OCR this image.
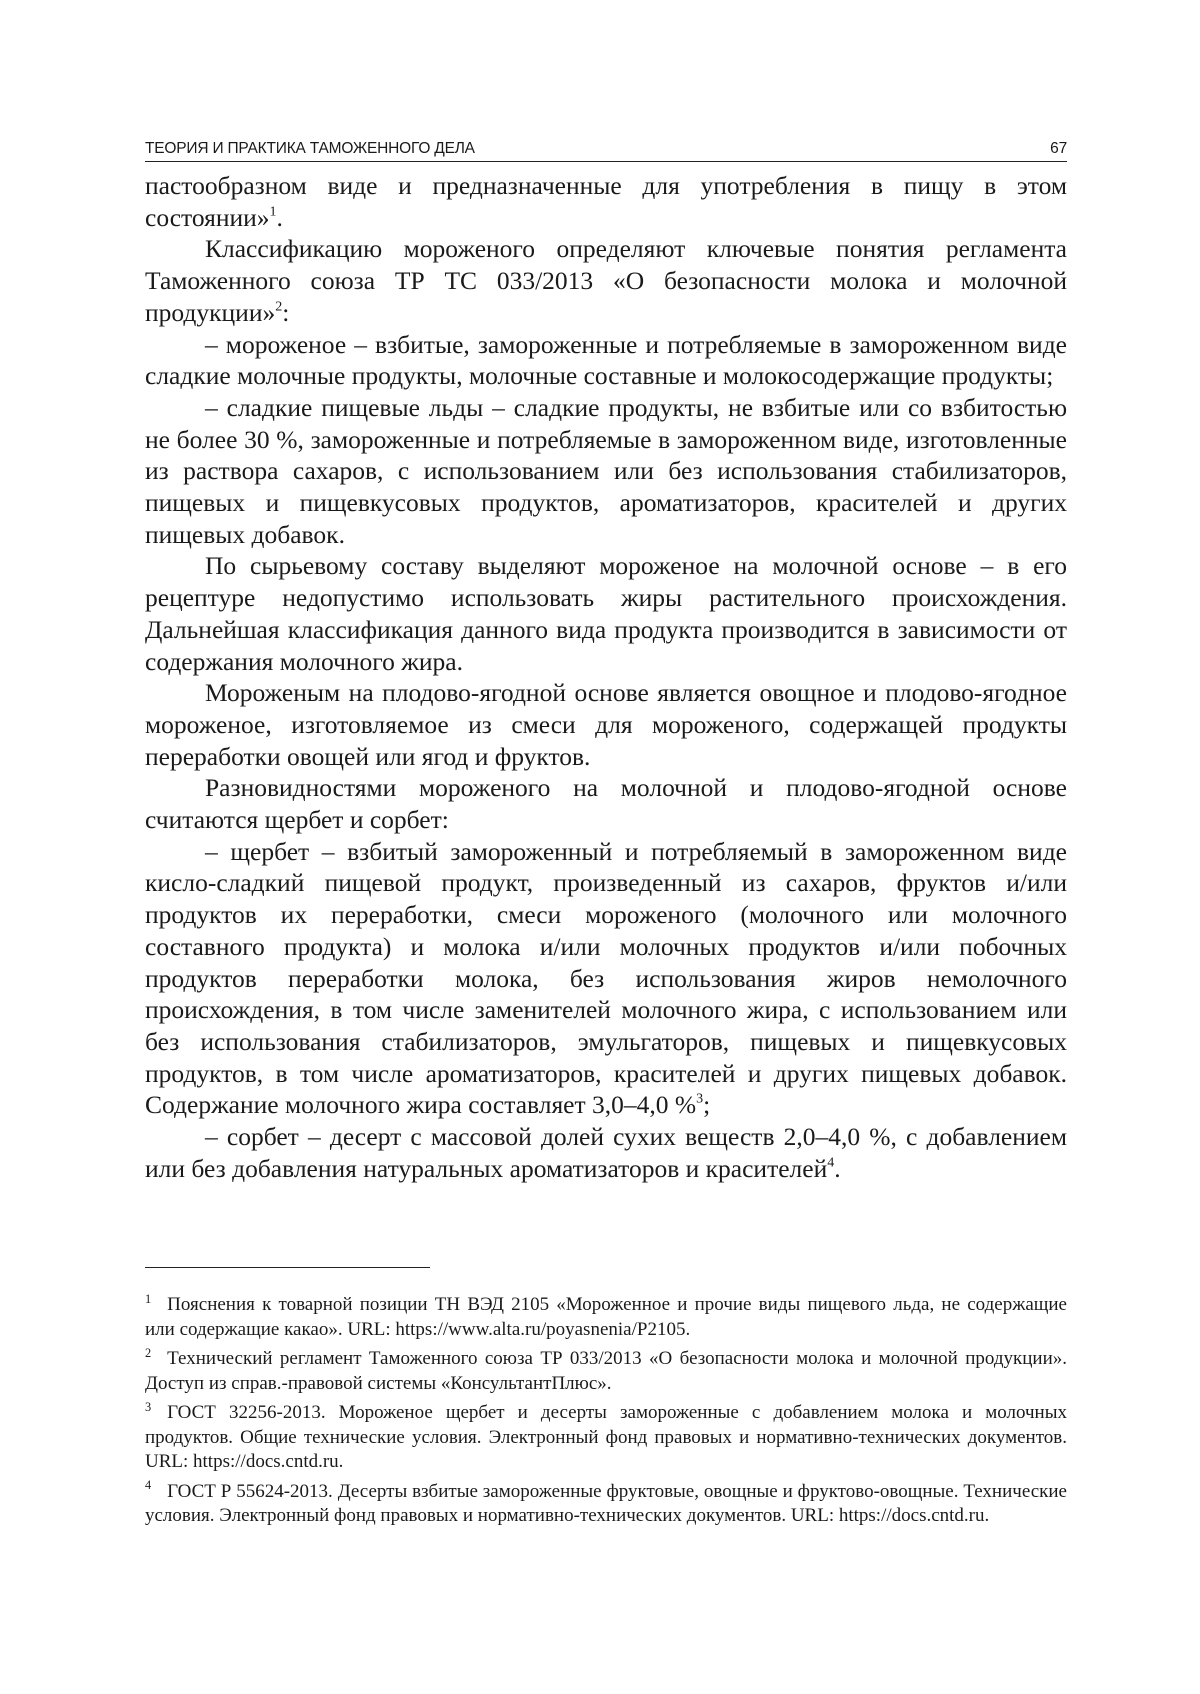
ТЕОРИЯ И ПРАКТИКА ТАМОЖЕННОГО ДЕЛА	67

пастообразном виде и предназначенные для употребления в пищу в этом состоянии»$^1$.

Классификацию мороженого определяют ключевые понятия регламента Таможенного союза ТР ТС 033/2013 «О безопасности молока и молочной продукции»$^2$:

– мороженое – взбитые, замороженные и потребляемые в замороженном виде сладкие молочные продукты, молочные составные и молокосодержащие продукты;

– сладкие пищевые льды – сладкие продукты, не взбитые или со взбитостью не более 30 %, замороженные и потребляемые в замороженном виде, изготовленные из раствора сахаров, с использованием или без использования стабилизаторов, пищевых и пищевкусовых продуктов, ароматизаторов, красителей и других пищевых добавок.

По сырьевому составу выделяют мороженое на молочной основе – в его рецептуре недопустимо использовать жиры растительного происхождения. Дальнейшая классификация данного вида продукта производится в зависимости от содержания молочного жира.

Мороженым на плодово-ягодной основе является овощное и плодово-ягодное мороженое, изготовляемое из смеси для мороженого, содержащей продукты переработки овощей или ягод и фруктов.

Разновидностями мороженого на молочной и плодово-ягодной основе считаются щербет и сорбет:

– щербет – взбитый замороженный и потребляемый в замороженном виде кисло-сладкий пищевой продукт, произведенный из сахаров, фруктов и/или продуктов их переработки, смеси мороженого (молочного или молочного составного продукта) и молока и/или молочных продуктов и/или побочных продуктов переработки молока, без использования жиров немолочного происхождения, в том числе заменителей молочного жира, с использованием или без использования стабилизаторов, эмульгаторов, пищевых и пищевкусовых продуктов, в том числе ароматизаторов, красителей и других пищевых добавок. Содержание молочного жира составляет 3,0–4,0 %$^3$;

– сорбет – десерт с массовой долей сухих веществ 2,0–4,0 %, с добавлением или без добавления натуральных ароматизаторов и красителей$^4$.

$^1$ Пояснения к товарной позиции ТН ВЭД 2105 «Мороженное и прочие виды пищевого льда, не содержащие или содержащие какао». URL: https://www.alta.ru/poyasnenia/P2105.

$^2$ Технический регламент Таможенного союза ТР 033/2013 «О безопасности молока и молочной продукции». Доступ из справ.-правовой системы «КонсультантПлюс».

$^3$ ГОСТ 32256-2013. Мороженое щербет и десерты замороженные с добавлением молока и молочных продуктов. Общие технические условия. Электронный фонд правовых и нормативно-технических документов. URL: https://docs.cntd.ru.

$^4$ ГОСТ Р 55624-2013. Десерты взбитые замороженные фруктовые, овощные и фруктово-овощные. Технические условия. Электронный фонд правовых и нормативно-технических документов. URL: https://docs.cntd.ru.
